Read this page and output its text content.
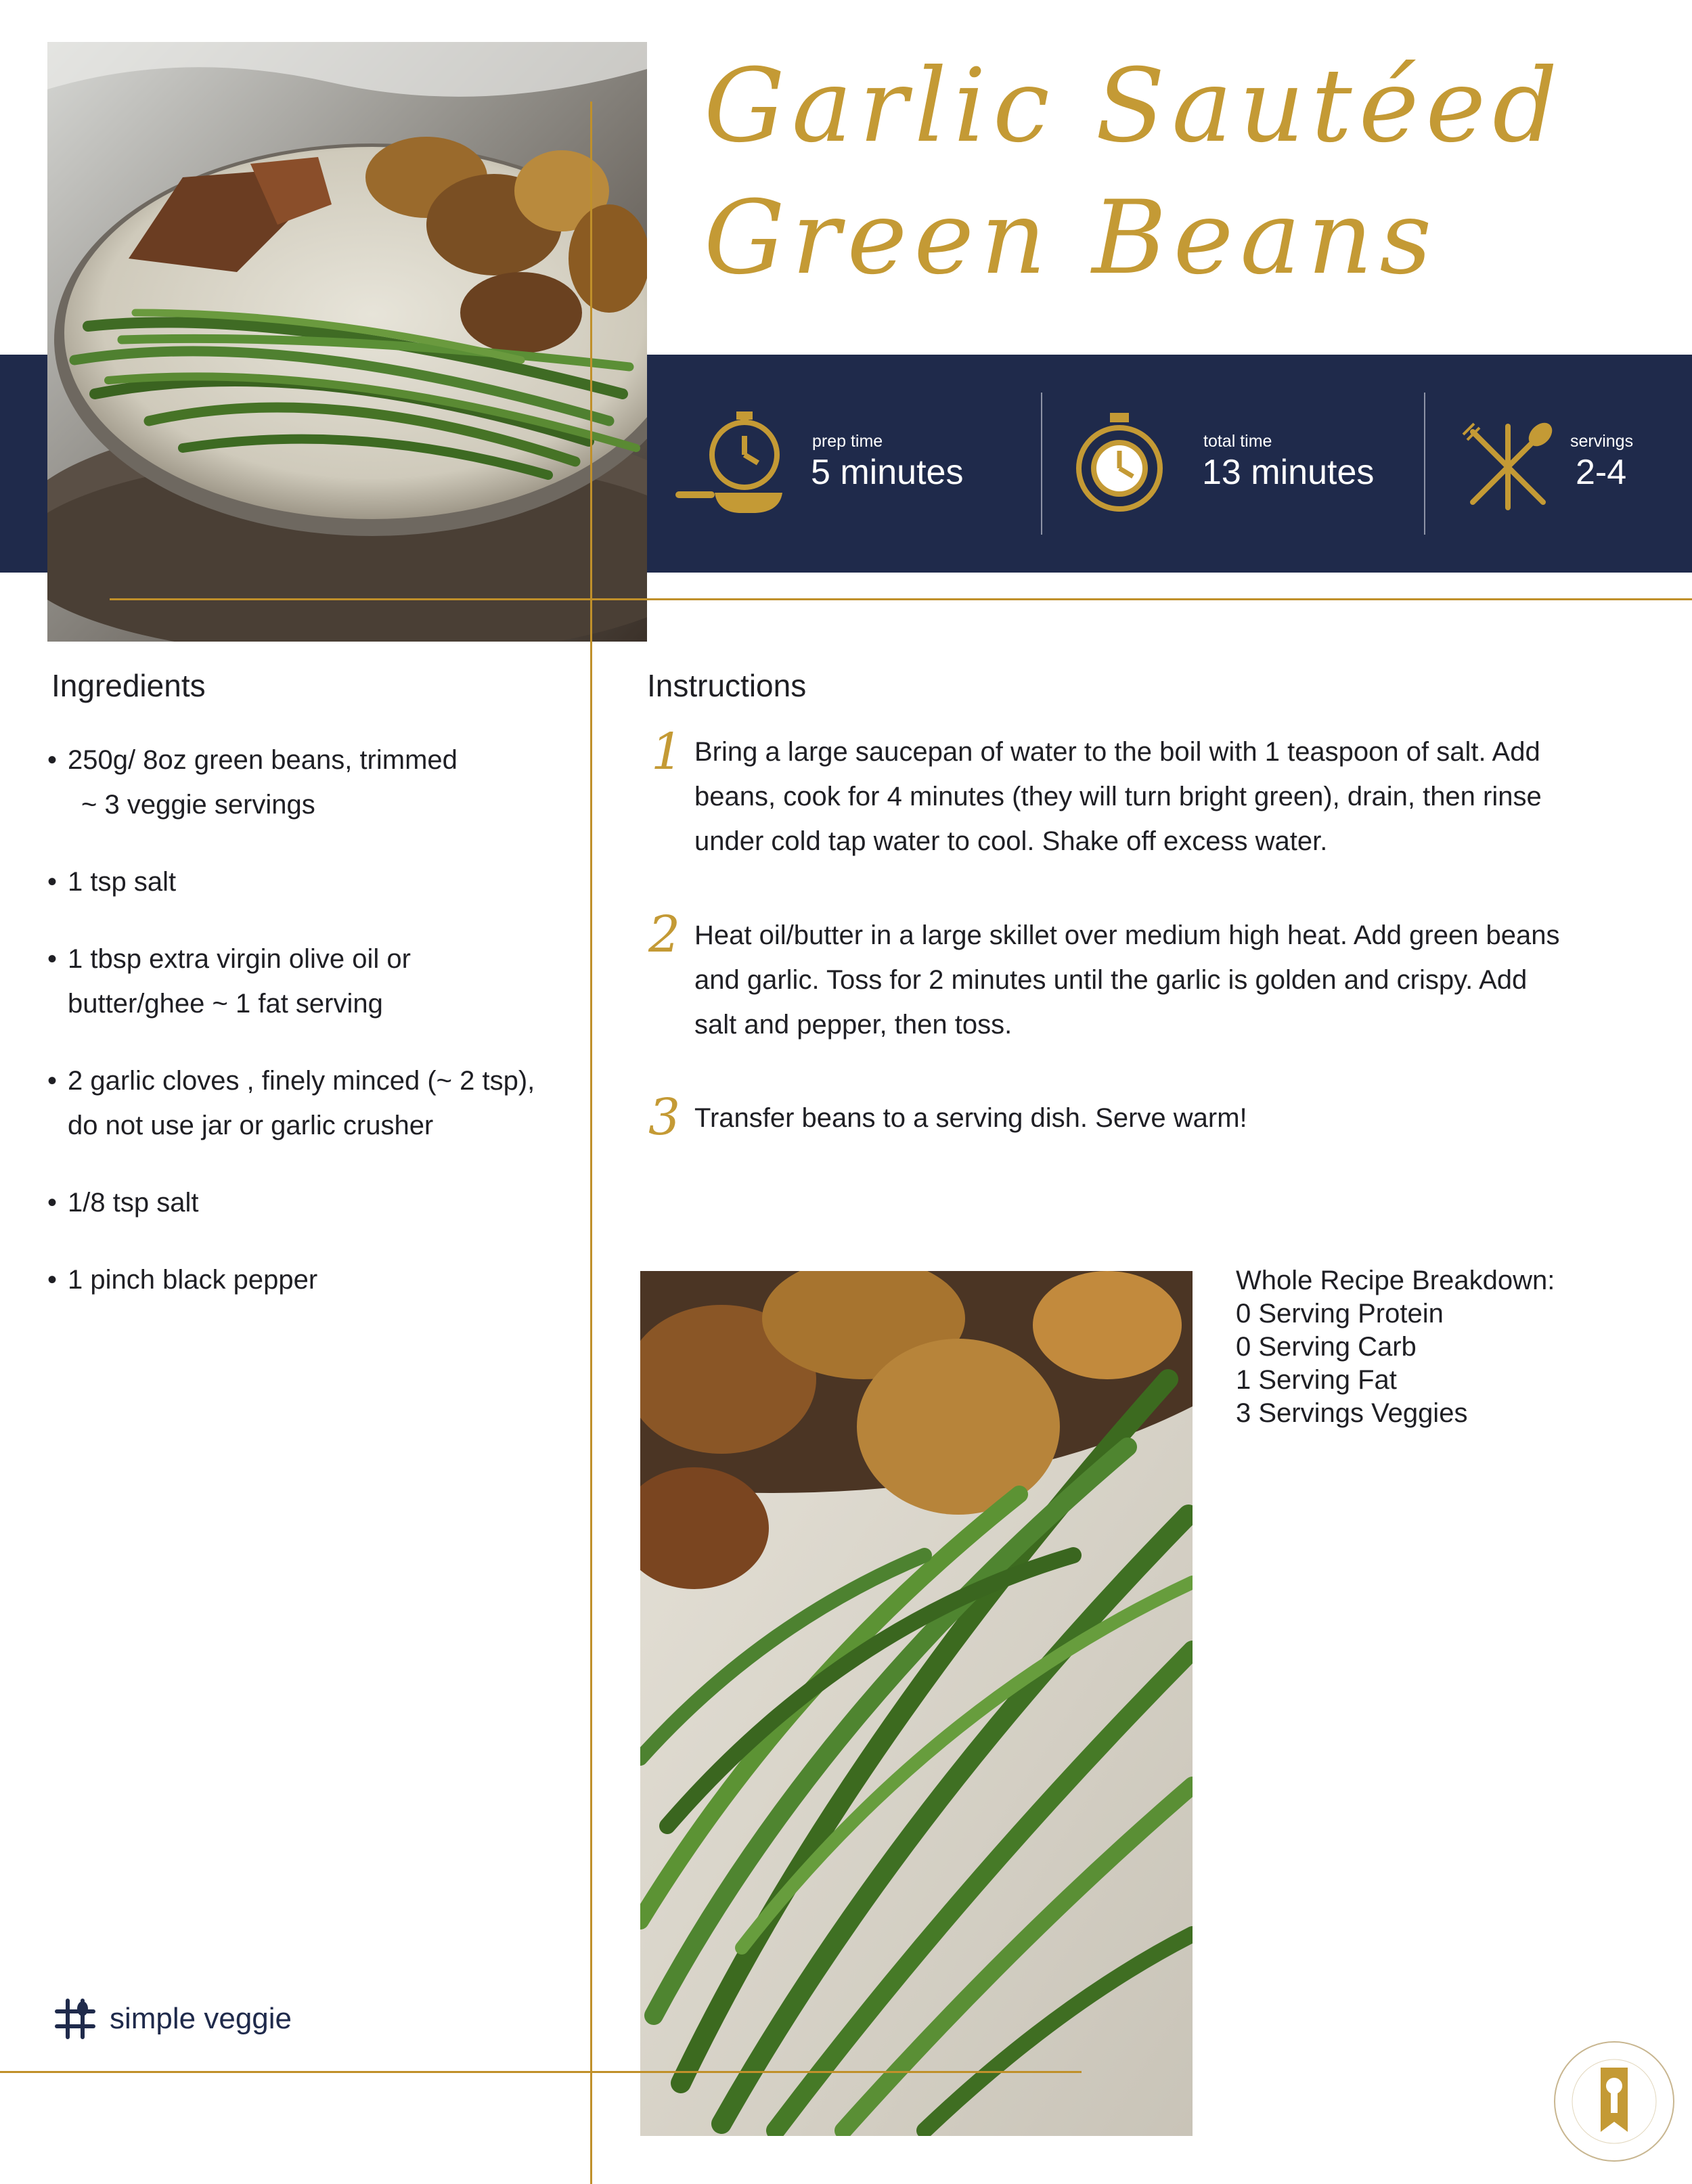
Garlic Sautéed
Green Beans
prep time
5 minutes
total time
13 minutes
servings
2-4
Ingredients
• 250g/ 8oz green beans, trimmed
~ 3 veggie servings
• 1 tsp salt
• 1 tbsp extra virgin olive oil or
butter/ghee ~ 1 fat serving
• 2 garlic cloves , finely minced (~ 2 tsp),
do not use jar or garlic crusher
• 1/8 tsp salt
• 1 pinch black pepper
Instructions
1 Bring a large saucepan of water to the boil with 1 teaspoon of salt. Add
beans, cook for 4 minutes (they will turn bright green), drain, then rinse
under cold tap water to cool. Shake off excess water.
2 Heat oil/butter in a large skillet over medium high heat. Add green beans
and garlic. Toss for 2 minutes until the garlic is golden and crispy. Add
salt and pepper, then toss.
3 Transfer beans to a serving dish. Serve warm!
Whole Recipe Breakdown:
0 Serving Protein
0 Serving Carb
1 Serving Fat
3 Servings Veggies
simple veggie
